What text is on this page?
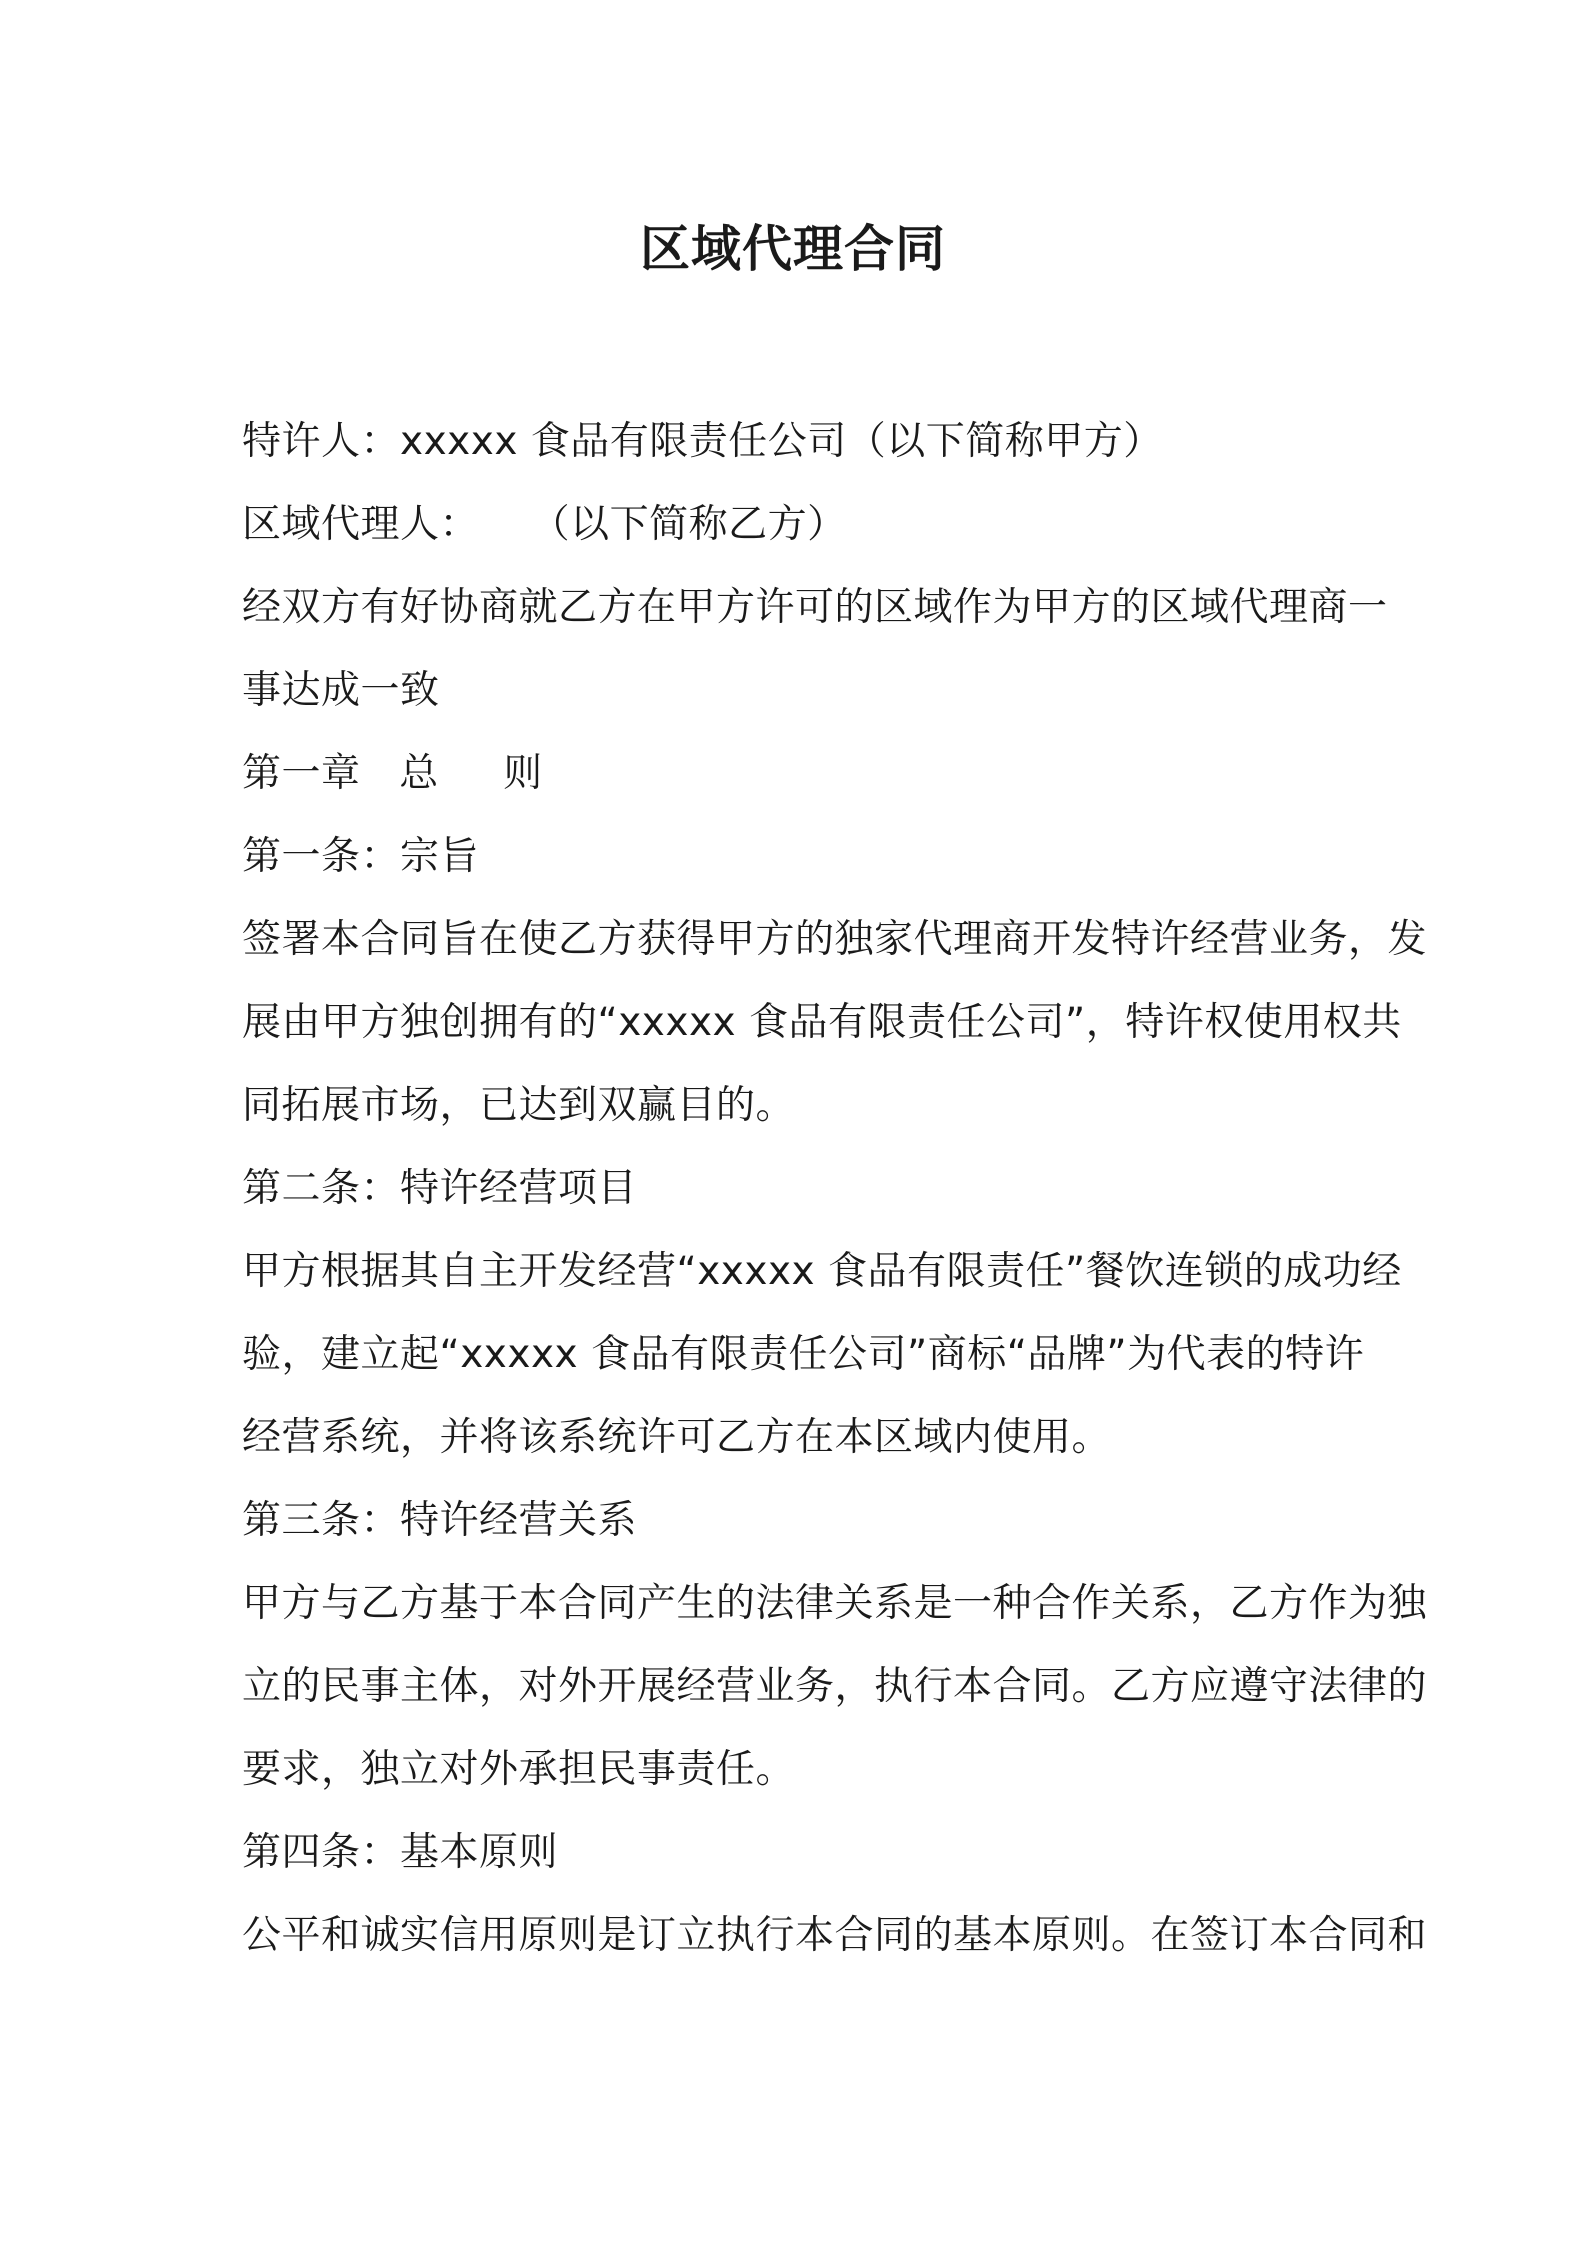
区域代理合同
特许人：xxxxx 食品有限责任公司（以下简称甲方）
区域代理人：    （以下简称乙方）
经双方有好协商就乙方在甲方许可的区域作为甲方的区域代理商一
事达成一致
第一章   总     则
第一条：宗旨
签署本合同旨在使乙方获得甲方的独家代理商开发特许经营业务，发
展由甲方独创拥有的“xxxxx 食品有限责任公司”，特许权使用权共
同拓展市场，已达到双赢目的。
第二条：特许经营项目
甲方根据其自主开发经营“xxxxx 食品有限责任”餐饮连锁的成功经
验，建立起“xxxxx 食品有限责任公司”商标“品牌”为代表的特许
经营系统，并将该系统许可乙方在本区域内使用。
第三条：特许经营关系
甲方与乙方基于本合同产生的法律关系是一种合作关系，乙方作为独
立的民事主体，对外开展经营业务，执行本合同。乙方应遵守法律的
要求，独立对外承担民事责任。
第四条：基本原则
公平和诚实信用原则是订立执行本合同的基本原则。在签订本合同和
